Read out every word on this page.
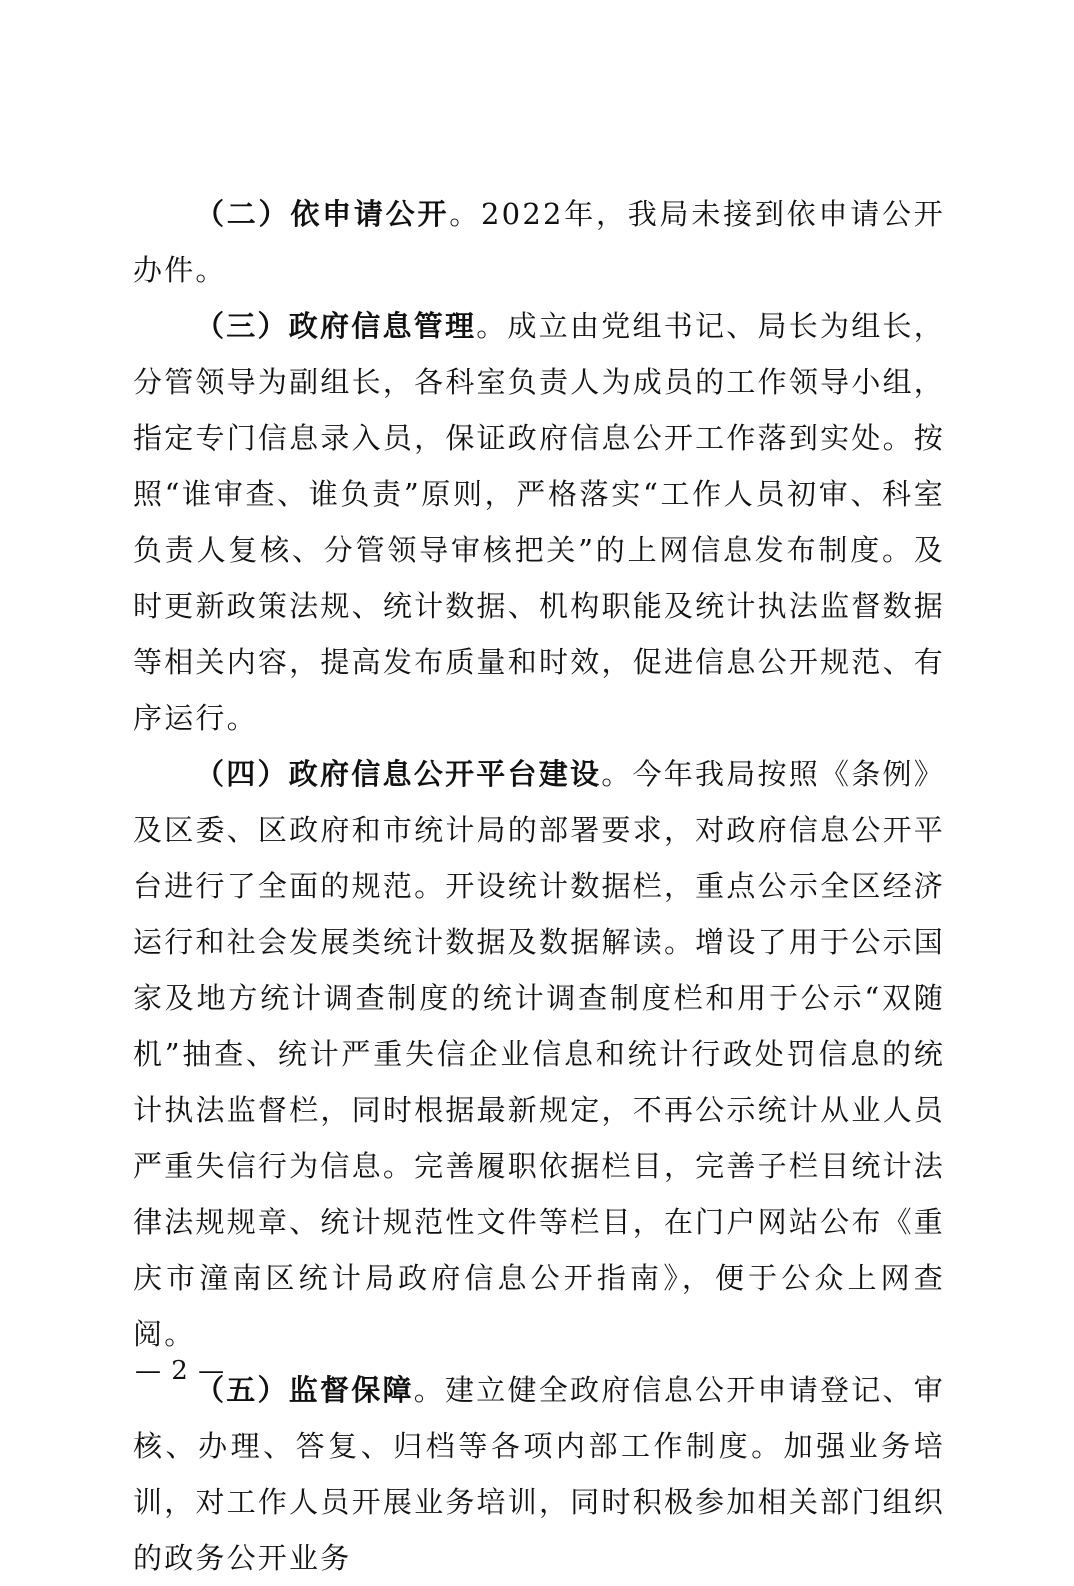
（二）依申请公开。2022年，我局未接到依申请公开办件。

（三）政府信息管理。成立由党组书记、局长为组长，分管领导为副组长，各科室负责人为成员的工作领导小组，指定专门信息录入员，保证政府信息公开工作落到实处。按照“谁审查、谁负责”原则，严格落实“工作人员初审、科室负责人复核、分管领导审核把关”的上网信息发布制度。及时更新政策法规、统计数据、机构职能及统计执法监督数据等相关内容，提高发布质量和时效，促进信息公开规范、有序运行。

（四）政府信息公开平台建设。今年我局按照《条例》及区委、区政府和市统计局的部署要求，对政府信息公开平台进行了全面的规范。开设统计数据栏，重点公示全区经济运行和社会发展类统计数据及数据解读。增设了用于公示国家及地方统计调查制度的统计调查制度栏和用于公示“双随机”抽查、统计严重失信企业信息和统计行政处罚信息的统计执法监督栏，同时根据最新规定，不再公示统计从业人员严重失信行为信息。完善履职依据栏目，完善子栏目统计法律法规规章、统计规范性文件等栏目，在门户网站公布《重庆市潼南区统计局政府信息公开指南》，便于公众上网查阅。

（五）监督保障。建立健全政府信息公开申请登记、审核、办理、答复、归档等各项内部工作制度。加强业务培训，对工作人员开展业务培训，同时积极参加相关部门组织的政务公开业务

— 2 —
